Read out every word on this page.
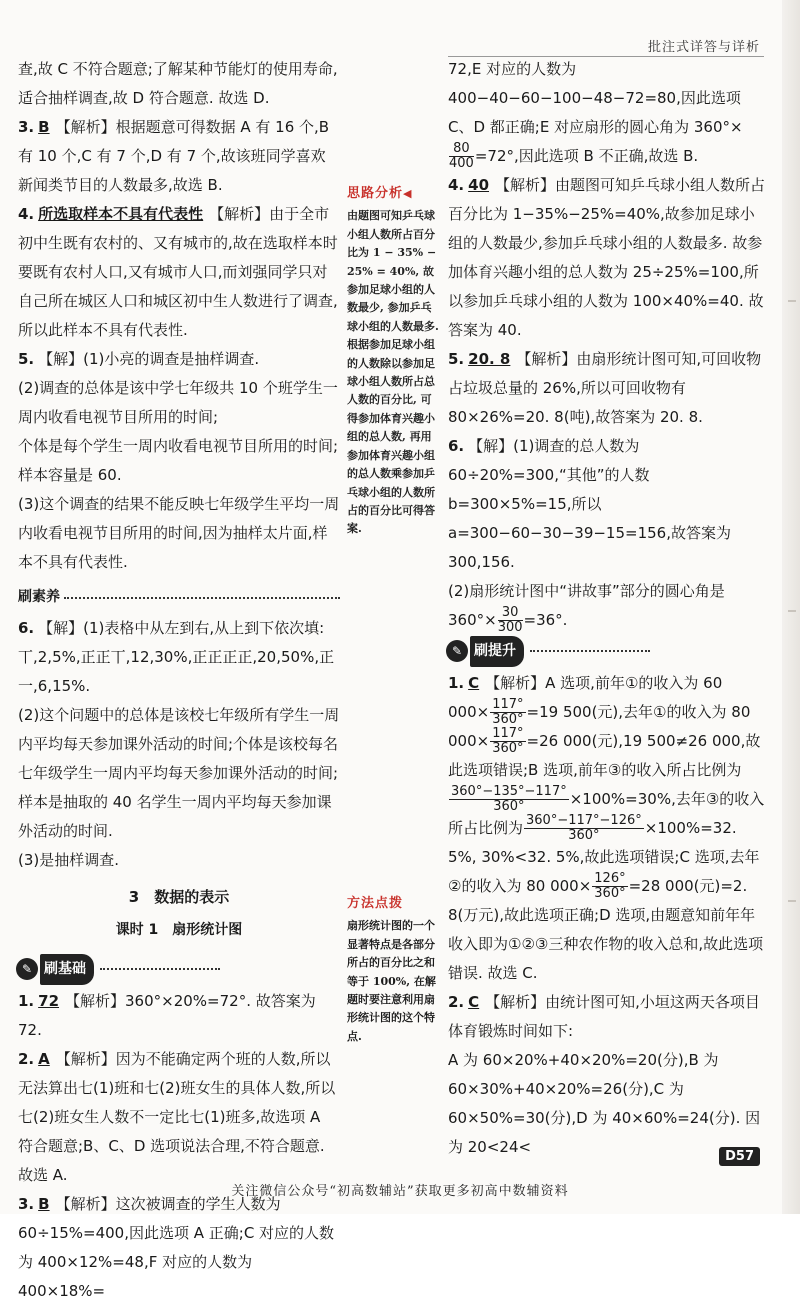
批注式详答与详析

查,故 C 不符合题意;了解某种节能灯的使用寿命,适合抽样调查,故 D 符合题意. 故选 D.

3. B 【解析】根据题意可得数据 A 有 16 个,B 有 10 个,C 有 7 个,D 有 7 个,故该班同学喜欢新闻类节目的人数最多,故选 B.

4. 所选取样本不具有代表性 【解析】由于全市初中生既有农村的、又有城市的,故在选取样本时要既有农村人口,又有城市人口,而刘强同学只对自己所在城区人口和城区初中生人数进行了调查,所以此样本不具有代表性.

5. 【解】(1)小亮的调查是抽样调查.

(2)调查的总体是该中学七年级共 10 个班学生一周内收看电视节目所用的时间;

个体是每个学生一周内收看电视节目所用的时间;样本容量是 60.

(3)这个调查的结果不能反映七年级学生平均一周内收看电视节目所用的时间,因为抽样太片面,样本不具有代表性.

刷素养

6. 【解】(1)表格中从左到右,从上到下依次填:丅,2,5%,正正丅,12,30%,正正正正,20,50%,正一,6,15%.

(2)这个问题中的总体是该校七年级所有学生一周内平均每天参加课外活动的时间;个体是该校每名七年级学生一周内平均每天参加课外活动的时间;样本是抽取的 40 名学生一周内平均每天参加课外活动的时间.

(3)是抽样调查.

3　数据的表示
课时 1　扇形统计图
✎ 刷基础

1. 72 【解析】360°×20%=72°. 故答案为 72.

2. A 【解析】因为不能确定两个班的人数,所以无法算出七(1)班和七(2)班女生的具体人数,所以七(2)班女生人数不一定比七(1)班多,故选项 A 符合题意;B、C、D 选项说法合理,不符合题意. 故选 A.

3. B 【解析】这次被调查的学生人数为 60÷15%=400,因此选项 A 正确;C 对应的人数为 400×12%=48,F 对应的人数为 400×18%=

思路分析◀
由题图可知乒乓球小组人数所占百分比为 1 − 35% − 25% = 40%, 故参加足球小组的人数最少, 参加乒乓球小组的人数最多. 根据参加足球小组的人数除以参加足球小组人数所占总人数的百分比, 可得参加体育兴趣小组的总人数, 再用参加体育兴趣小组的总人数乘参加乒乓球小组的人数所占的百分比可得答案.
方法点拨
扇形统计图的一个显著特点是各部分所占的百分比之和等于 100%, 在解题时要注意利用扇形统计图的这个特点.

72,E 对应的人数为 400−40−60−100−48−72=80,因此选项 C、D 都正确;E 对应扇形的圆心角为 360°×
$\frac{80}{400} =72^\circ$,因此选项 B 不正确,故选 B.

4. 40 【解析】由题图可知乒乓球小组人数所占百分比为 1−35%−25%=40%,故参加足球小组的人数最少,参加乒乓球小组的人数最多. 故参加体育兴趣小组的总人数为 25÷25%=100,所以参加乒乓球小组的人数为 100×40%=40. 故答案为 40.

5. 20. 8 【解析】由扇形统计图可知,可回收物占垃圾总量的 26%,所以可回收物有 80×26%=20. 8(吨),故答案为 20. 8.

6. 【解】(1)调查的总人数为 60÷20%=300,“其他”的人数 b=300×5%=15,所以 a=300−60−30−39−15=156,故答案为 300,156.

(2)扇形统计图中“讲故事”部分的圆心角是 $360^\circ\times \frac{30}{300} =36^\circ$.

✎ 刷提升

1. C 【解析】A 选项,前年①的收入为 60 $000\times \frac{117^\circ}{360^\circ} =19$ 500(元),去年①的收入为 80 $000\times \frac{117^\circ}{360^\circ} =26$ 000(元),19 500≠26 000,故此选项错误;B 选项,前年③的收入所占比例为
$\frac{360^\circ-135^\circ-117^\circ}{360^\circ} \times 100\%=30\%$,去年③的收入所占比例为 $\frac{360^\circ-117^\circ-126^\circ}{360^\circ} \times 100\%=32$. 5%, 30%<32. 5%,故此选项错误;C 选项,去年②的收入为 80 $000\times \frac{126^\circ}{360^\circ} =28$ 000(元)=2. 8(万元),故此选项正确;D 选项,由题意知前年年收入即为①②③三种农作物的收入总和,故此选项错误. 故选 C.

2. C 【解析】由统计图可知,小垣这两天各项目体育锻炼时间如下:

A 为 60×20%+40×20%=20(分),B 为 60×30%+40×20%=26(分),C 为 60×50%=30(分),D 为 40×60%=24(分). 因为 20<24<

D57
关注微信公众号“初高数辅站”获取更多初高中数辅资料
